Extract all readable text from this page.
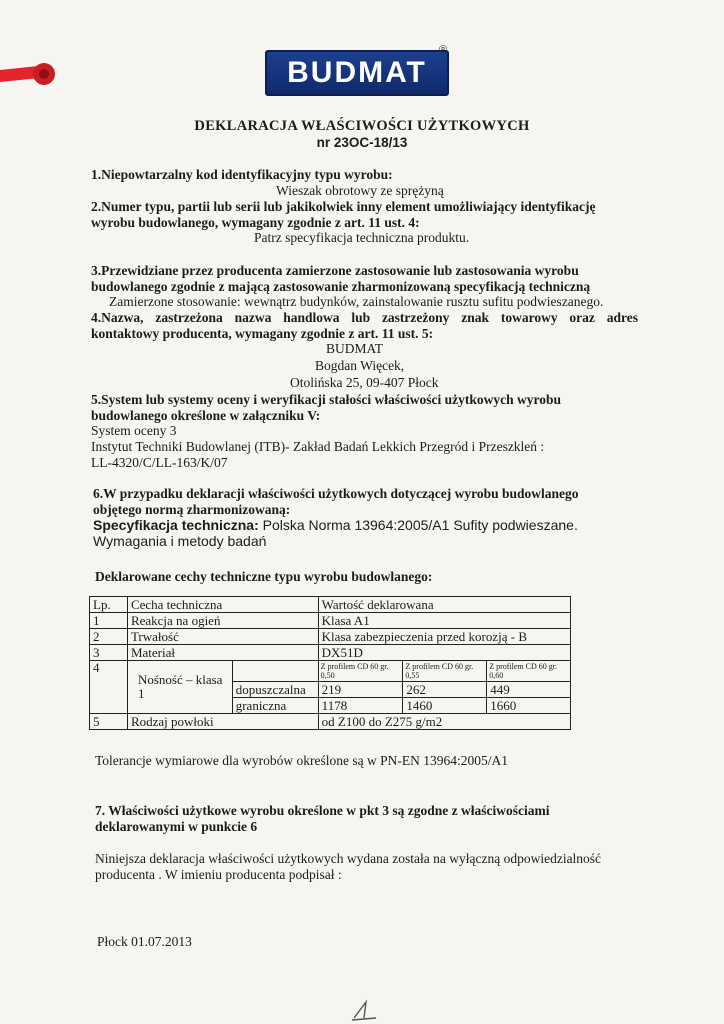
BUDMAT
®
DEKLARACJA WŁAŚCIWOŚCI UŻYTKOWYCH
nr 23OC-18/13
1.Niepowtarzalny kod identyfikacyjny typu wyrobu:
Wieszak obrotowy ze sprężyną
2.Numer typu, partii lub serii lub jakikolwiek inny element umożliwiający identyfikację
wyrobu budowlanego, wymagany zgodnie z art. 11 ust. 4:
Patrz specyfikacja techniczna produktu.
3.Przewidziane przez producenta zamierzone zastosowanie lub zastosowania wyrobu
budowlanego zgodnie z mającą zastosowanie zharmonizowaną specyfikacją techniczną
Zamierzone stosowanie: wewnątrz budynków, zainstalowanie rusztu sufitu podwieszanego.
4.Nazwa, zastrzeżona nazwa handlowa lub zastrzeżony znak towarowy oraz adres
kontaktowy producenta, wymagany zgodnie z art. 11 ust. 5:
BUDMAT
Bogdan Więcek,
Otolińska 25, 09-407 Płock
5.System lub systemy oceny i weryfikacji stałości właściwości użytkowych wyrobu
budowlanego określone w załączniku V:
System oceny 3
Instytut Techniki Budowlanej (ITB)- Zakład Badań Lekkich Przegród i Przeszkleń :
LL-4320/C/LL-163/K/07
6.W przypadku deklaracji właściwości użytkowych dotyczącej wyrobu budowlanego
objętego normą zharmonizowaną:
Specyfikacja techniczna: Polska Norma 13964:2005/A1 Sufity podwieszane.
Wymagania i metody badań
Deklarowane cechy techniczne typu wyrobu budowlanego:
Lp.	Cecha techniczna		Wartość deklarowana		
1	Reakcja na ogień		Klasa A1		
2	Trwałość		Klasa zabezpieczenia przed korozją - B		
3	Materiał		DX51D		
4	Nośność – klasa 1		Z profilem CD 60 gr. 0,50	Z profilem CD 60 gr. 0,55	Z profilem CD 60 gr. 0,60
		dopuszczalna	219	262	449
		graniczna	1178	1460	1660
5	Rodzaj powłoki		od Z100 do Z275 g/m2		
Tolerancje wymiarowe dla wyrobów określone są w PN-EN 13964:2005/A1
7. Właściwości użytkowe wyrobu określone w pkt 3 są zgodne z właściwościami
deklarowanymi w punkcie 6
Niniejsza deklaracja właściwości użytkowych wydana została na wyłączną odpowiedzialność
producenta . W imieniu producenta podpisał :
Płock 01.07.2013
